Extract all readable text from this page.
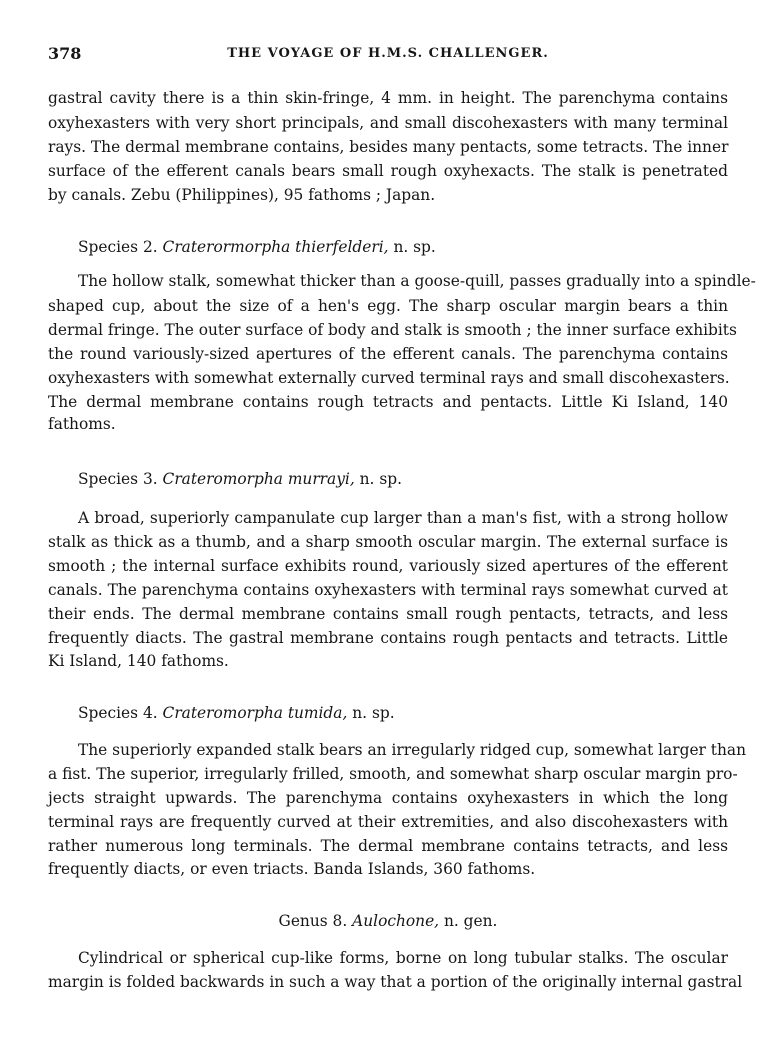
378	THE VOYAGE OF H.M.S. CHALLENGER.
gastral cavity there is a thin skin-fringe, 4 mm. in height. The parenchyma contains
oxyhexasters with very short principals, and small discohexasters with many terminal
rays. The dermal membrane contains, besides many pentacts, some tetracts. The inner
surface of the efferent canals bears small rough oxyhexacts. The stalk is penetrated
by canals. Zebu (Philippines), 95 fathoms ; Japan.
Species 2. Craterormorpha thierfelderi, n. sp.
The hollow stalk, somewhat thicker than a goose-quill, passes gradually into a spindle-
shaped cup, about the size of a hen's egg. The sharp oscular margin bears a thin
dermal fringe. The outer surface of body and stalk is smooth ; the inner surface exhibits
the round variously-sized apertures of the efferent canals. The parenchyma contains
oxyhexasters with somewhat externally curved terminal rays and small discohexasters.
The dermal membrane contains rough tetracts and pentacts. Little Ki Island, 140
fathoms.
Species 3. Crateromorpha murrayi, n. sp.
A broad, superiorly campanulate cup larger than a man's fist, with a strong hollow
stalk as thick as a thumb, and a sharp smooth oscular margin. The external surface is
smooth ; the internal surface exhibits round, variously sized apertures of the efferent
canals. The parenchyma contains oxyhexasters with terminal rays somewhat curved at
their ends. The dermal membrane contains small rough pentacts, tetracts, and less
frequently diacts. The gastral membrane contains rough pentacts and tetracts. Little
Ki Island, 140 fathoms.
Species 4. Crateromorpha tumida, n. sp.
The superiorly expanded stalk bears an irregularly ridged cup, somewhat larger than
a fist. The superior, irregularly frilled, smooth, and somewhat sharp oscular margin pro-
jects straight upwards. The parenchyma contains oxyhexasters in which the long
terminal rays are frequently curved at their extremities, and also discohexasters with
rather numerous long terminals. The dermal membrane contains tetracts, and less
frequently diacts, or even triacts. Banda Islands, 360 fathoms.
Genus 8. Aulochone, n. gen.
Cylindrical or spherical cup-like forms, borne on long tubular stalks. The oscular
margin is folded backwards in such a way that a portion of the originally internal gastral
